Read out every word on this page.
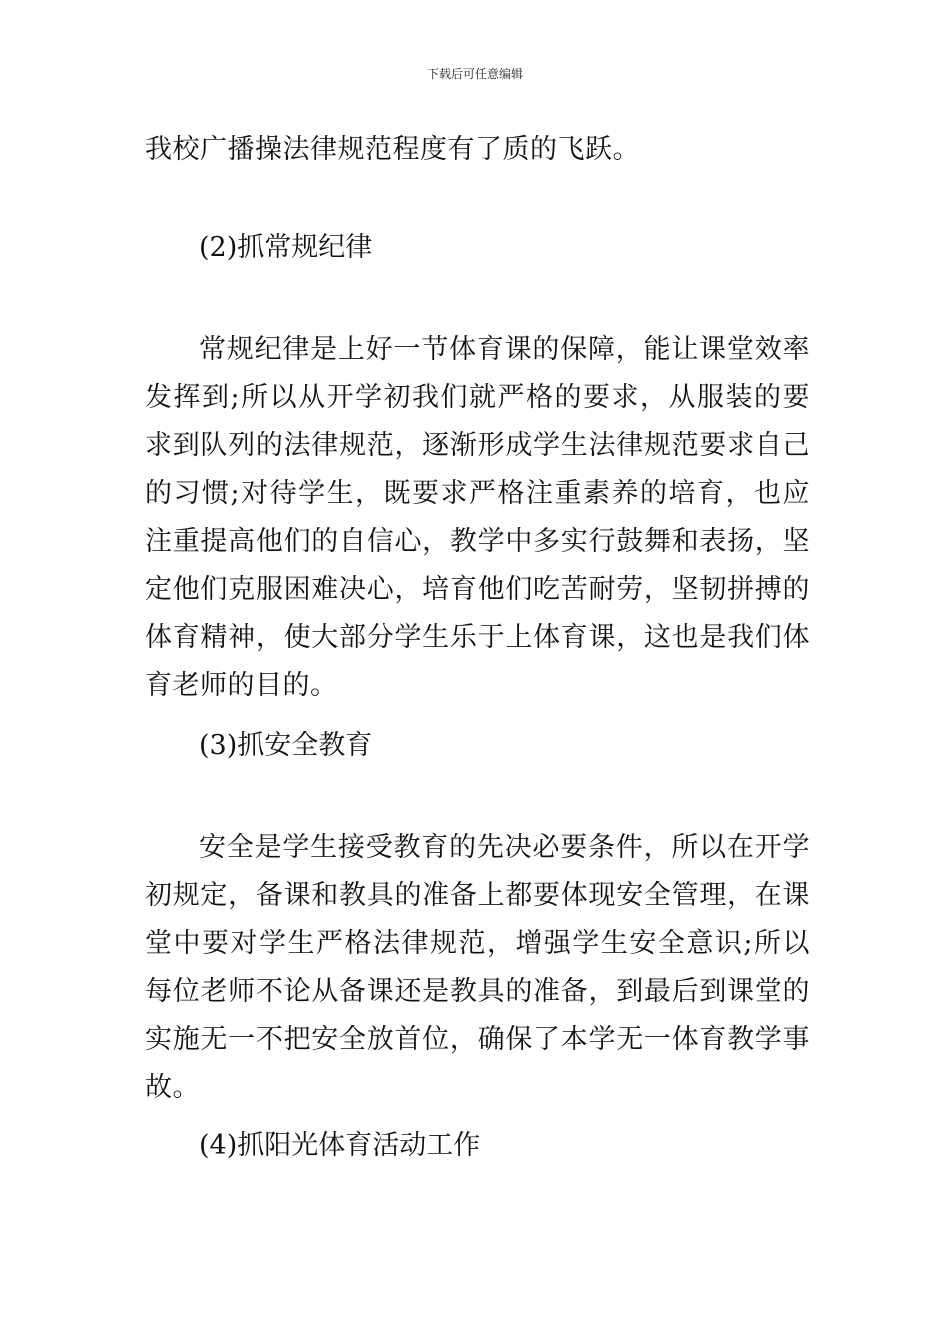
下载后可任意编辑

我校广播操法律规范程度有了质的飞跃。

(2)抓常规纪律

常规纪律是上好一节体育课的保障，能让课堂效率发挥到;所以从开学初我们就严格的要求，从服装的要求到队列的法律规范，逐渐形成学生法律规范要求自己的习惯;对待学生，既要求严格注重素养的培育，也应注重提高他们的自信心，教学中多实行鼓舞和表扬，坚定他们克服困难决心，培育他们吃苦耐劳，坚韧拼搏的体育精神，使大部分学生乐于上体育课，这也是我们体育老师的目的。

(3)抓安全教育

安全是学生接受教育的先决必要条件，所以在开学初规定，备课和教具的准备上都要体现安全管理，在课堂中要对学生严格法律规范，增强学生安全意识;所以每位老师不论从备课还是教具的准备，到最后到课堂的实施无一不把安全放首位，确保了本学无一体育教学事故。

(4)抓阳光体育活动工作
